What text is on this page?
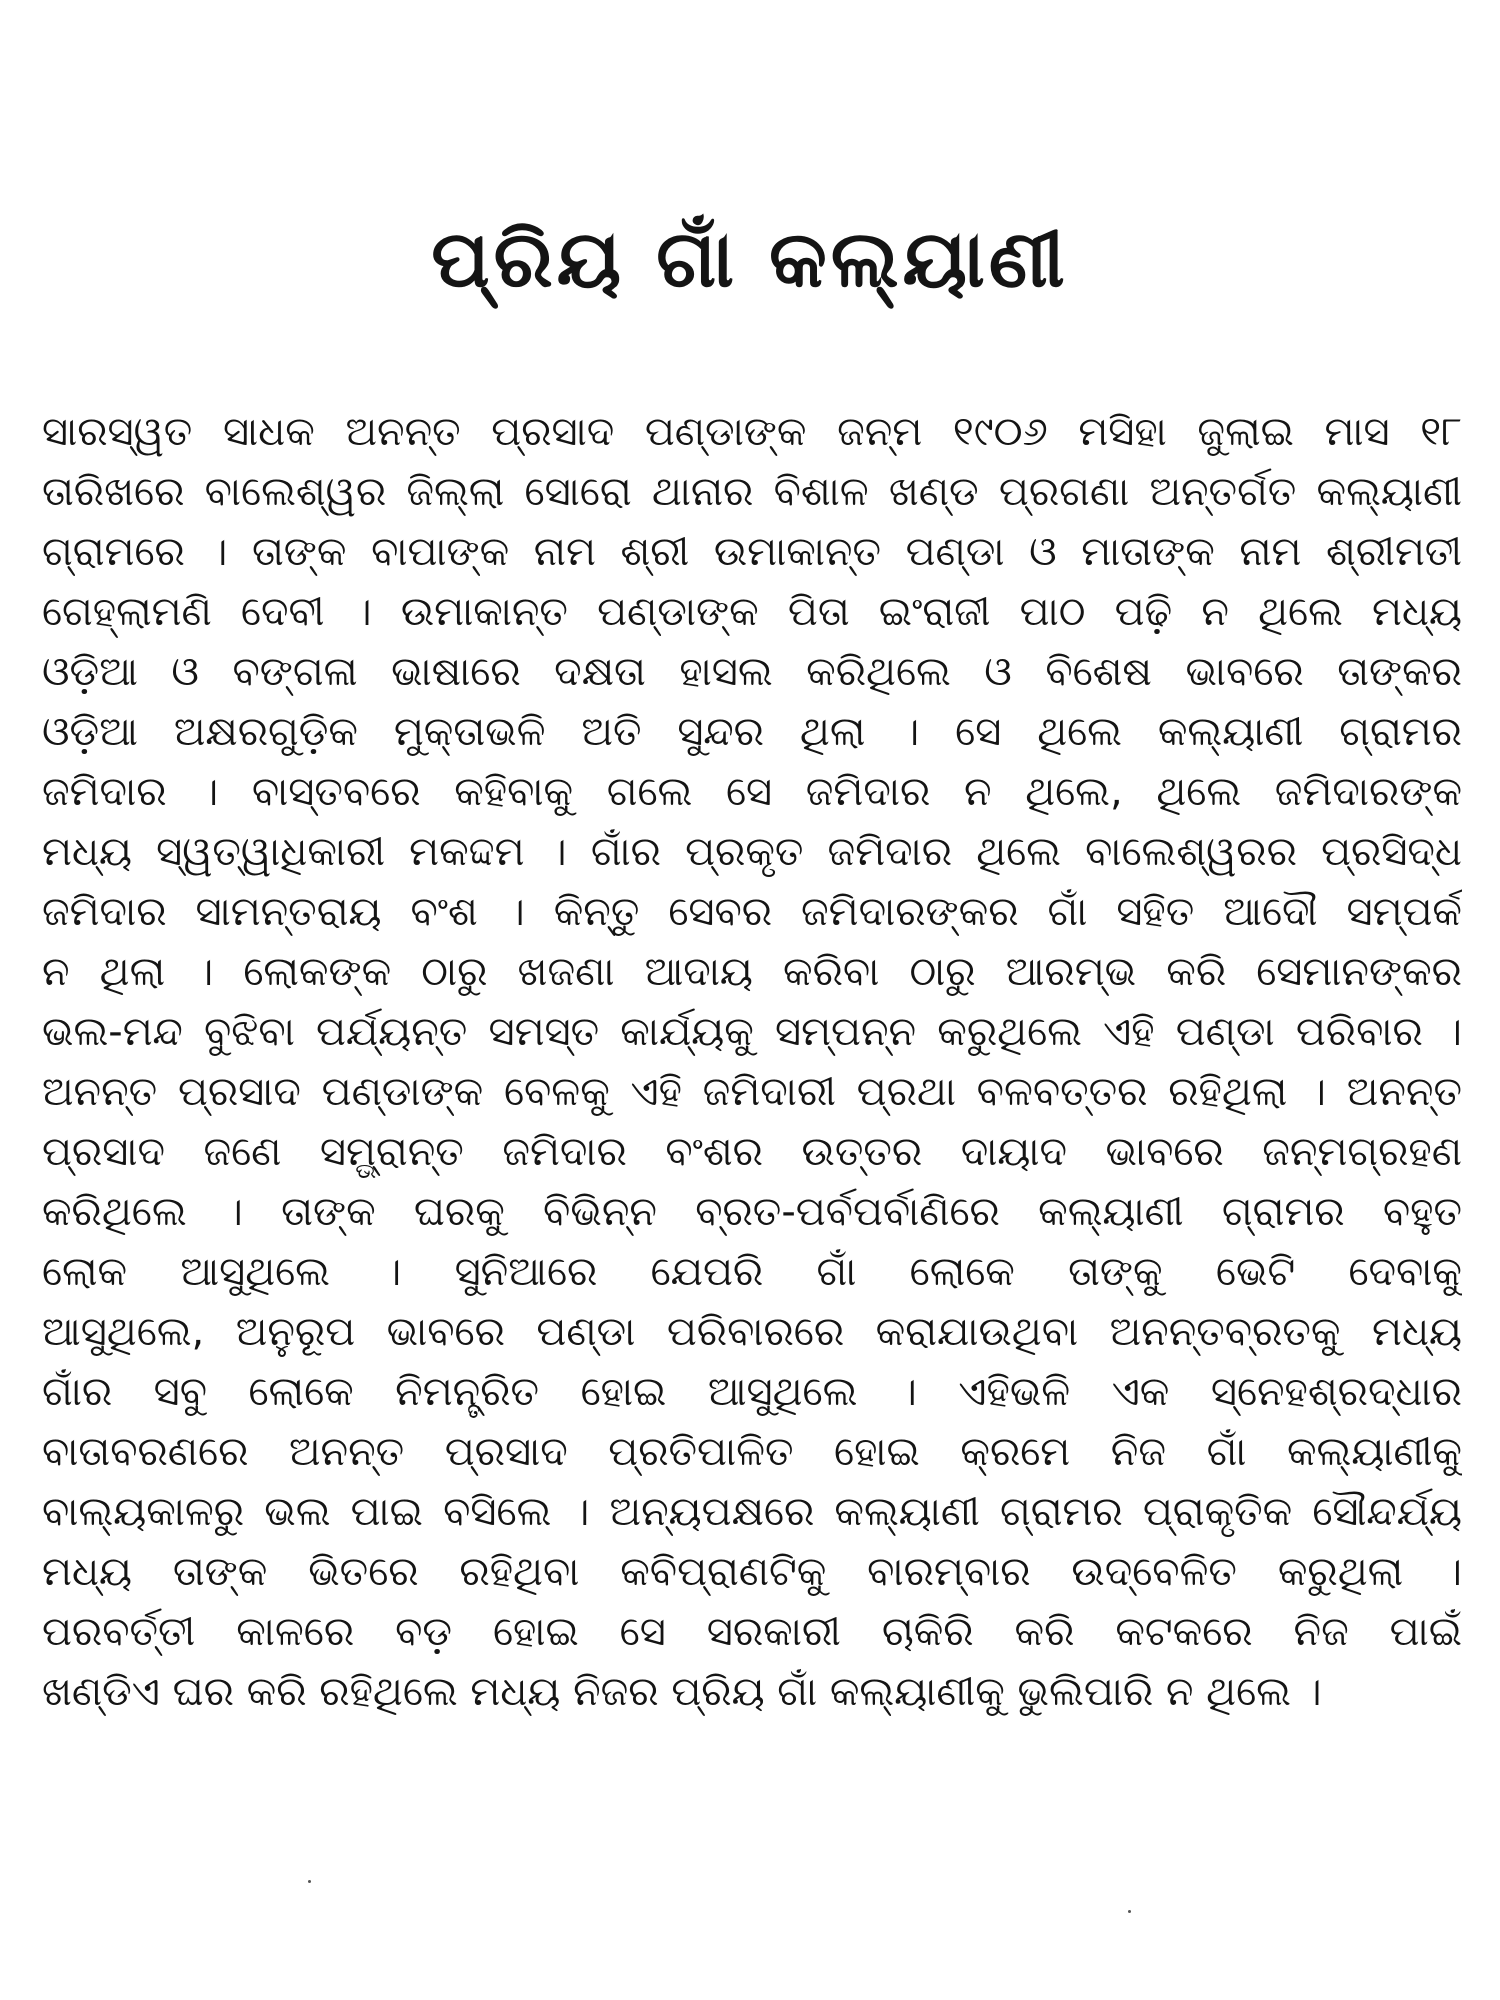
ପ୍ରିୟ ଗାଁ କଲ୍ୟାଣୀ
ସାରସ୍ୱତ ସାଧକ ଅନନ୍ତ ପ୍ରସାଦ ପଣ୍ଡାଙ୍କ ଜନ୍ମ ୧୯୦୬ ମସିହା ଜୁଲାଇ ମାସ ୧୮
ତାରିଖରେ ବାଲେଶ୍ୱର ଜିଲ୍ଲା ସୋରୋ ଥାନାର ବିଶାଳ ଖଣ୍ଡ ପ୍ରଗଣା ଅନ୍ତର୍ଗତ କଲ୍ୟାଣୀ
ଗ୍ରାମରେ । ତାଙ୍କ ବାପାଙ୍କ ନାମ ଶ୍ରୀ ଉମାକାନ୍ତ ପଣ୍ଡା ଓ ମାତାଙ୍କ ନାମ ଶ୍ରୀମତୀ
ଗେହ୍ଲାମଣି ଦେବୀ । ଉମାକାନ୍ତ ପଣ୍ଡାଙ୍କ ପିତା ଇଂରାଜୀ ପାଠ ପଢ଼ି ନ ଥିଲେ ମଧ୍ୟ
ଓଡ଼ିଆ ଓ ବଙ୍ଗଳା ଭାଷାରେ ଦକ୍ଷତା ହାସଲ କରିଥିଲେ ଓ ବିଶେଷ ଭାବରେ ତାଙ୍କର
ଓଡ଼ିଆ ଅକ୍ଷରଗୁଡ଼ିକ ମୁକ୍ତାଭଳି ଅତି ସୁନ୍ଦର ଥିଲା । ସେ ଥିଲେ କଲ୍ୟାଣୀ ଗ୍ରାମର
ଜମିଦାର । ବାସ୍ତବରେ କହିବାକୁ ଗଲେ ସେ ଜମିଦାର ନ ଥିଲେ, ଥିଲେ ଜମିଦାରଙ୍କ
ମଧ୍ୟ ସ୍ୱତ୍ୱାଧିକାରୀ ମକଦ୍ଦମ । ଗାଁର ପ୍ରକୃତ ଜମିଦାର ଥିଲେ ବାଲେଶ୍ୱରର ପ୍ରସିଦ୍ଧ
ଜମିଦାର ସାମନ୍ତରାୟ ବଂଶ । କିନ୍ତୁ ସେବର ଜମିଦାରଙ୍କର ଗାଁ ସହିତ ଆଦୌ ସମ୍ପର୍କ
ନ ଥିଲା । ଲୋକଙ୍କ ଠାରୁ ଖଜଣା ଆଦାୟ କରିବା ଠାରୁ ଆରମ୍ଭ କରି ସେମାନଙ୍କର
ଭଲ-ମନ୍ଦ ବୁଝିବା ପର୍ଯ୍ୟନ୍ତ ସମସ୍ତ କାର୍ଯ୍ୟକୁ ସମ୍ପନ୍ନ କରୁଥିଲେ ଏହି ପଣ୍ଡା ପରିବାର ।
ଅନନ୍ତ ପ୍ରସାଦ ପଣ୍ଡାଙ୍କ ବେଳକୁ ଏହି ଜମିଦାରୀ ପ୍ରଥା ବଳବତ୍ତର ରହିଥିଲା । ଅନନ୍ତ
ପ୍ରସାଦ ଜଣେ ସମ୍ଭ୍ରାନ୍ତ ଜମିଦାର ବଂଶର ଉତ୍ତର ଦାୟାଦ ଭାବରେ ଜନ୍ମଗ୍ରହଣ
କରିଥିଲେ । ତାଙ୍କ ଘରକୁ ବିଭିନ୍ନ ବ୍ରତ-ପର୍ବପର୍ବାଣିରେ କଲ୍ୟାଣୀ ଗ୍ରାମର ବହୁତ
ଲୋକ ଆସୁଥିଲେ । ସୁନିଆରେ ଯେପରି ଗାଁ ଲୋକେ ତାଙ୍କୁ ଭେଟି ଦେବାକୁ
ଆସୁଥିଲେ, ଅନୁରୂପ ଭାବରେ ପଣ୍ଡା ପରିବାରରେ କରାଯାଉଥିବା ଅନନ୍ତବ୍ରତକୁ ମଧ୍ୟ
ଗାଁର ସବୁ ଲୋକେ ନିମନ୍ତ୍ରିତ ହୋଇ ଆସୁଥିଲେ । ଏହିଭଳି ଏକ ସ୍ନେହଶ୍ରଦ୍ଧାର
ବାତାବରଣରେ ଅନନ୍ତ ପ୍ରସାଦ ପ୍ରତିପାଳିତ ହୋଇ କ୍ରମେ ନିଜ ଗାଁ କଲ୍ୟାଣୀକୁ
ବାଲ୍ୟକାଳରୁ ଭଲ ପାଇ ବସିଲେ । ଅନ୍ୟପକ୍ଷରେ କଲ୍ୟାଣୀ ଗ୍ରାମର ପ୍ରାକୃତିକ ସୌନ୍ଦର୍ଯ୍ୟ
ମଧ୍ୟ ତାଙ୍କ ଭିତରେ ରହିଥିବା କବିପ୍ରାଣଟିକୁ ବାରମ୍ବାର ଉଦ୍‌ବେଳିତ କରୁଥିଲା ।
ପରବର୍ତ୍ତୀ କାଳରେ ବଡ଼ ହୋଇ ସେ ସରକାରୀ ଚାକିରି କରି କଟକରେ ନିଜ ପାଇଁ
ଖଣ୍ଡିଏ ଘର କରି ରହିଥିଲେ ମଧ୍ୟ ନିଜର ପ୍ରିୟ ଗାଁ କଲ୍ୟାଣୀକୁ ଭୁଲିପାରି ନ ଥିଲେ ।
